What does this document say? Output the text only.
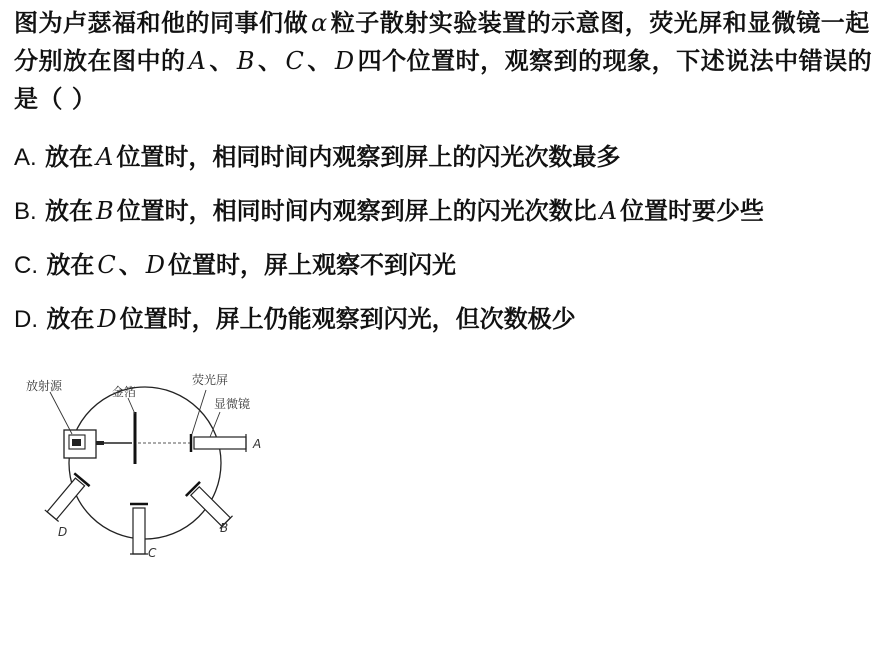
图为卢瑟福和他的同事们做 α 粒子散射实验装置的示意图，荧光屏和显微镜一起分别放在图中的 A 、 B 、 C 、 D 四个位置时，观察到的现象，下述说法中错误的是（ ）
A. 放在 A 位置时，相同时间内观察到屏上的闪光次数最多
B. 放在 B 位置时，相同时间内观察到屏上的闪光次数比 A 位置时要少些
C. 放在 C 、 D 位置时，屏上观察不到闪光
D. 放在 D 位置时，屏上仍能观察到闪光，但次数极少
A
B
C
D
放射源	金箔
荧光屏
显微镜
